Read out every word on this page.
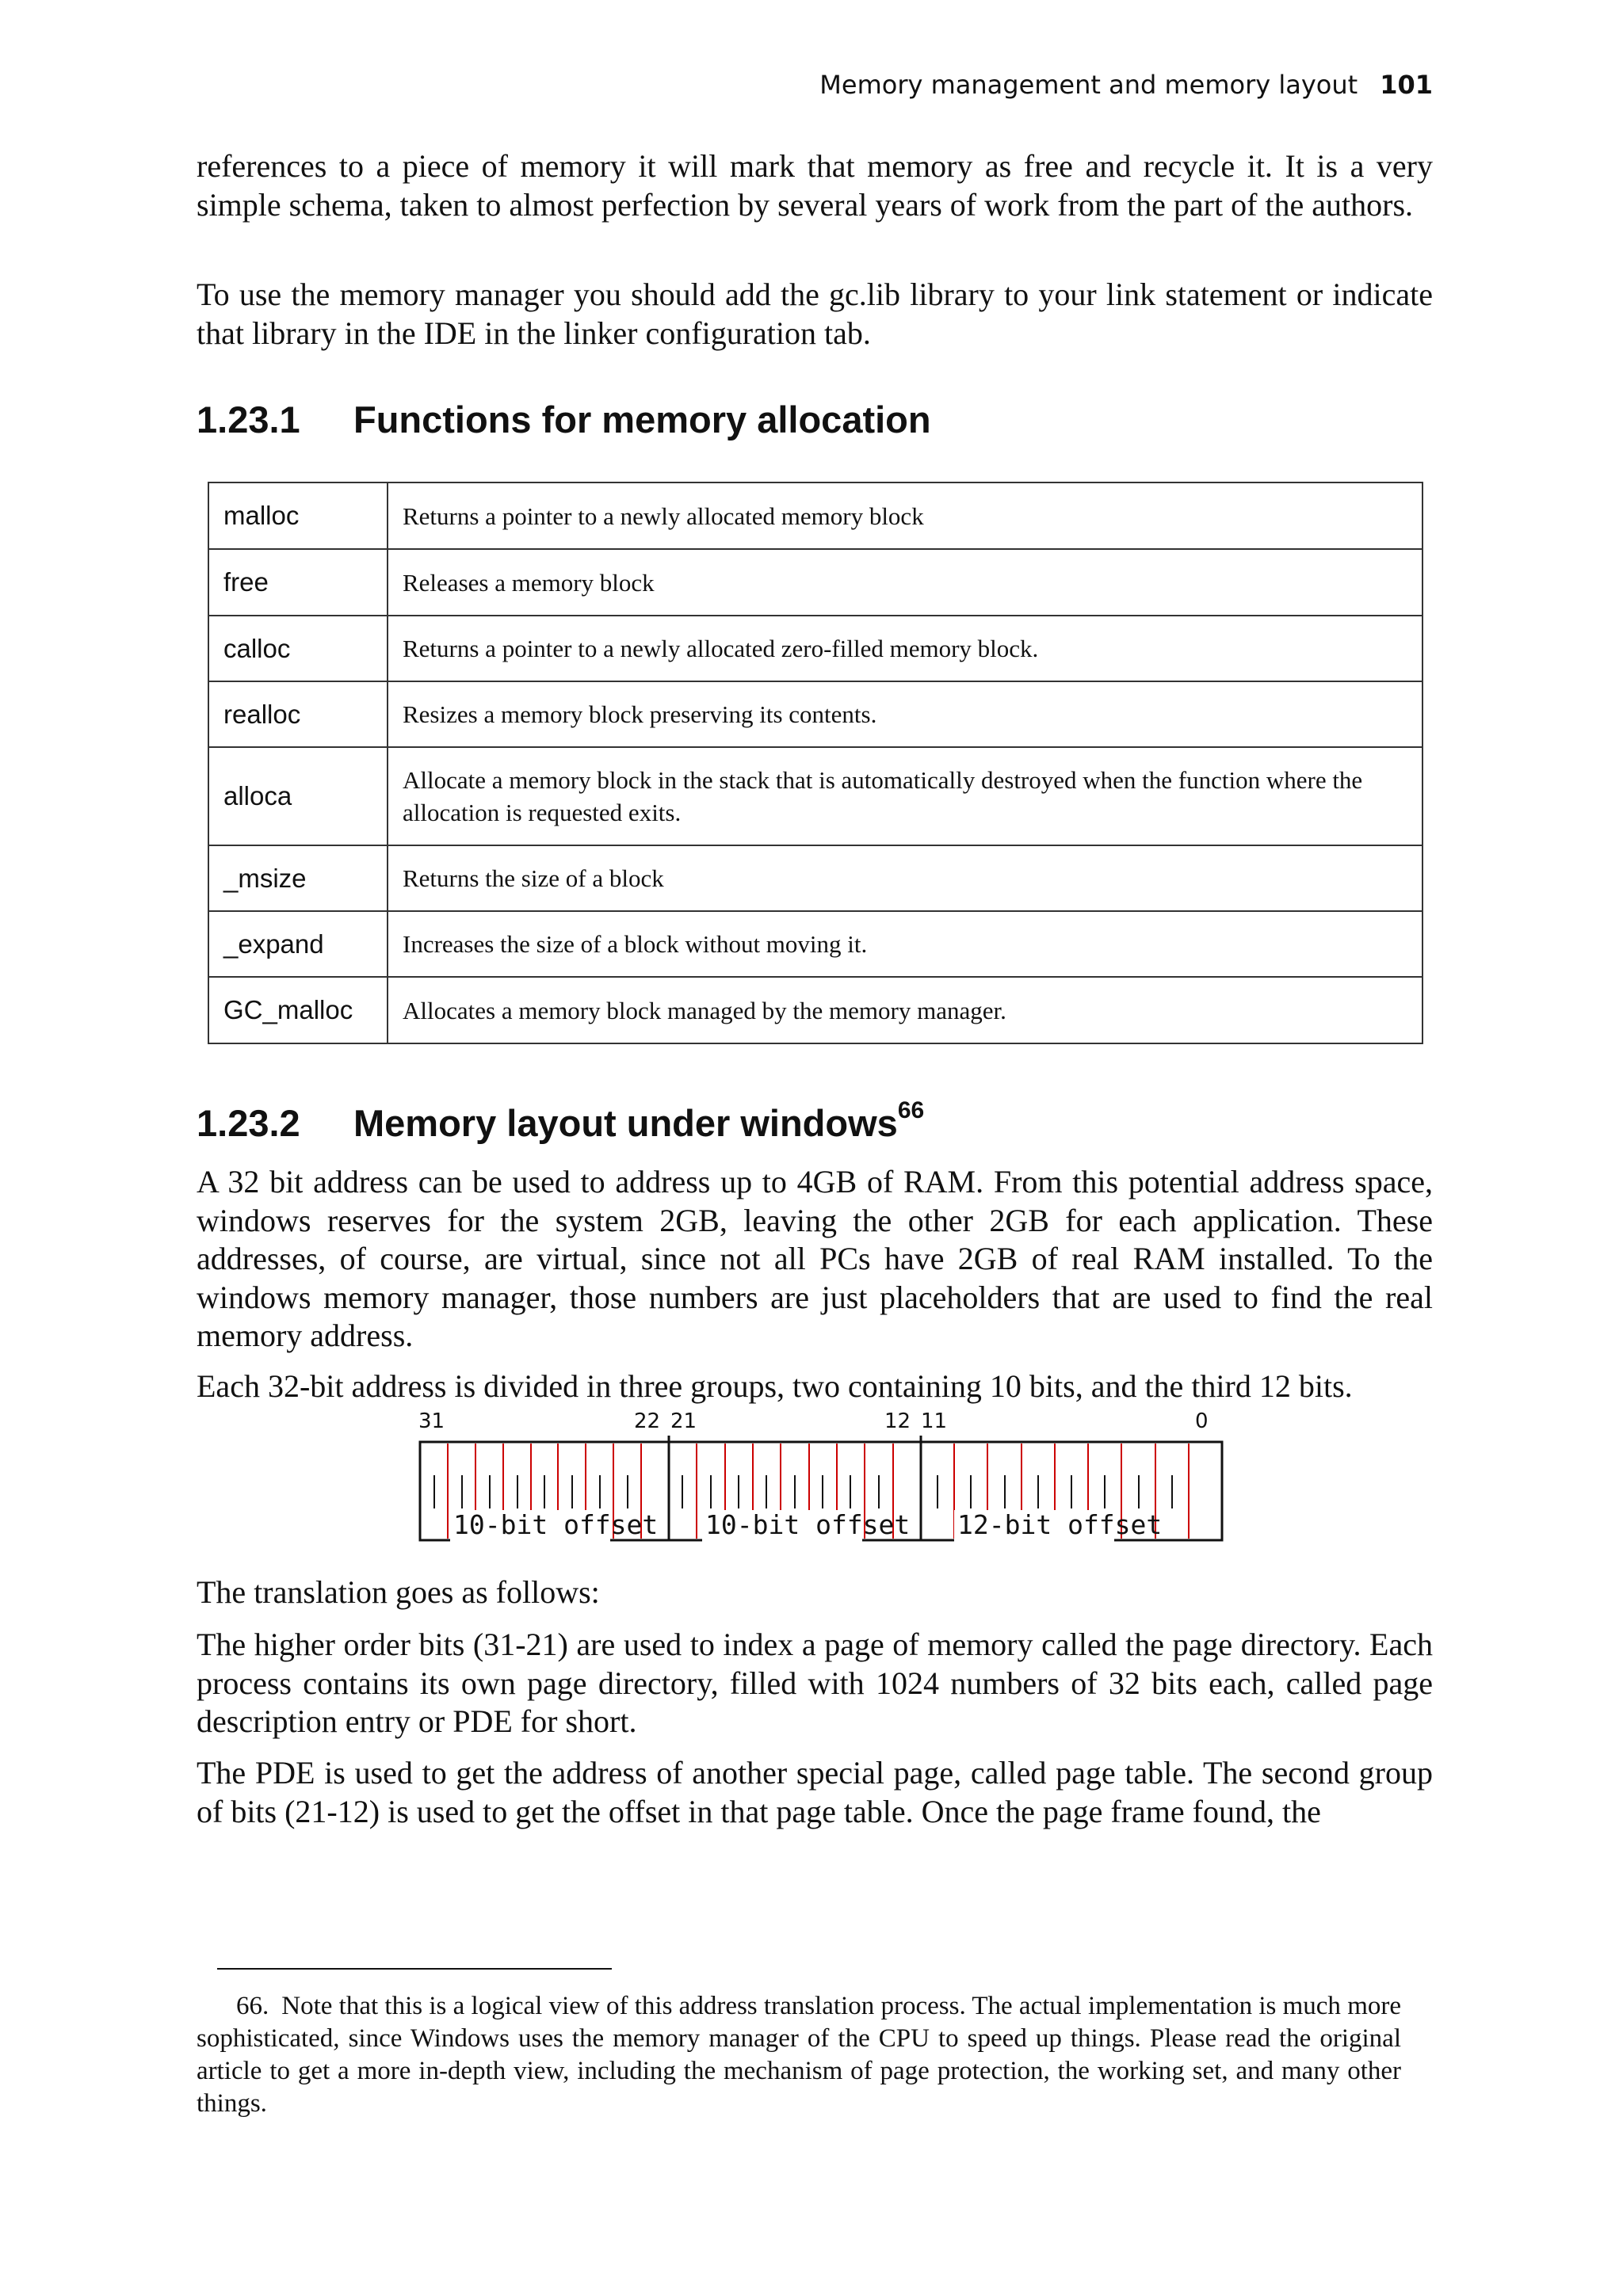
Memory management and memory layout 101

references to a piece of memory it will mark that memory as free and recycle it. It is a very simple schema, taken to almost perfection by several years of work from the part of the authors.

To use the memory manager you should add the gc.lib library to your link statement or indicate that library in the IDE in the linker configuration tab.

1.23.1 Functions for memory allocation
malloc	Returns a pointer to a newly allocated memory block
free	Releases a memory block
calloc	Returns a pointer to a newly allocated zero-filled memory block.
realloc	Resizes a memory block preserving its contents.
alloca	Allocate a memory block in the stack that is automatically destroyed when the function where the allocation is requested exits.
_msize	Returns the size of a block
_expand	Increases the size of a block without moving it.
GC_malloc	Allocates a memory block managed by the memory manager.
1.23.2 Memory layout under windows$^{66}$

A 32 bit address can be used to address up to 4GB of RAM. From this potential address space, windows reserves for the system 2GB, leaving the other 2GB for each application. These addresses, of course, are virtual, since not all PCs have 2GB of real RAM installed. To the windows memory manager, those numbers are just placeholders that are used to find the real memory address.

Each 32-bit address is divided in three groups, two containing 10 bits, and the third 12 bits.

31	22 21	12 11	0
10-bit offset 10-bit offset 12-bit offset

The translation goes as follows:

The higher order bits (31-21) are used to index a page of memory called the page directory. Each process contains its own page directory, filled with 1024 numbers of 32 bits each, called page description entry or PDE for short.

The PDE is used to get the address of another special page, called page table. The second group of bits (21-12) is used to get the offset in that page table. Once the page frame found, the

66. Note that this is a logical view of this address translation process. The actual implementation is much more sophisticated, since Windows uses the memory manager of the CPU to speed up things. Please read the original article to get a more in-depth view, including the mechanism of page protection, the working set, and many other things.
